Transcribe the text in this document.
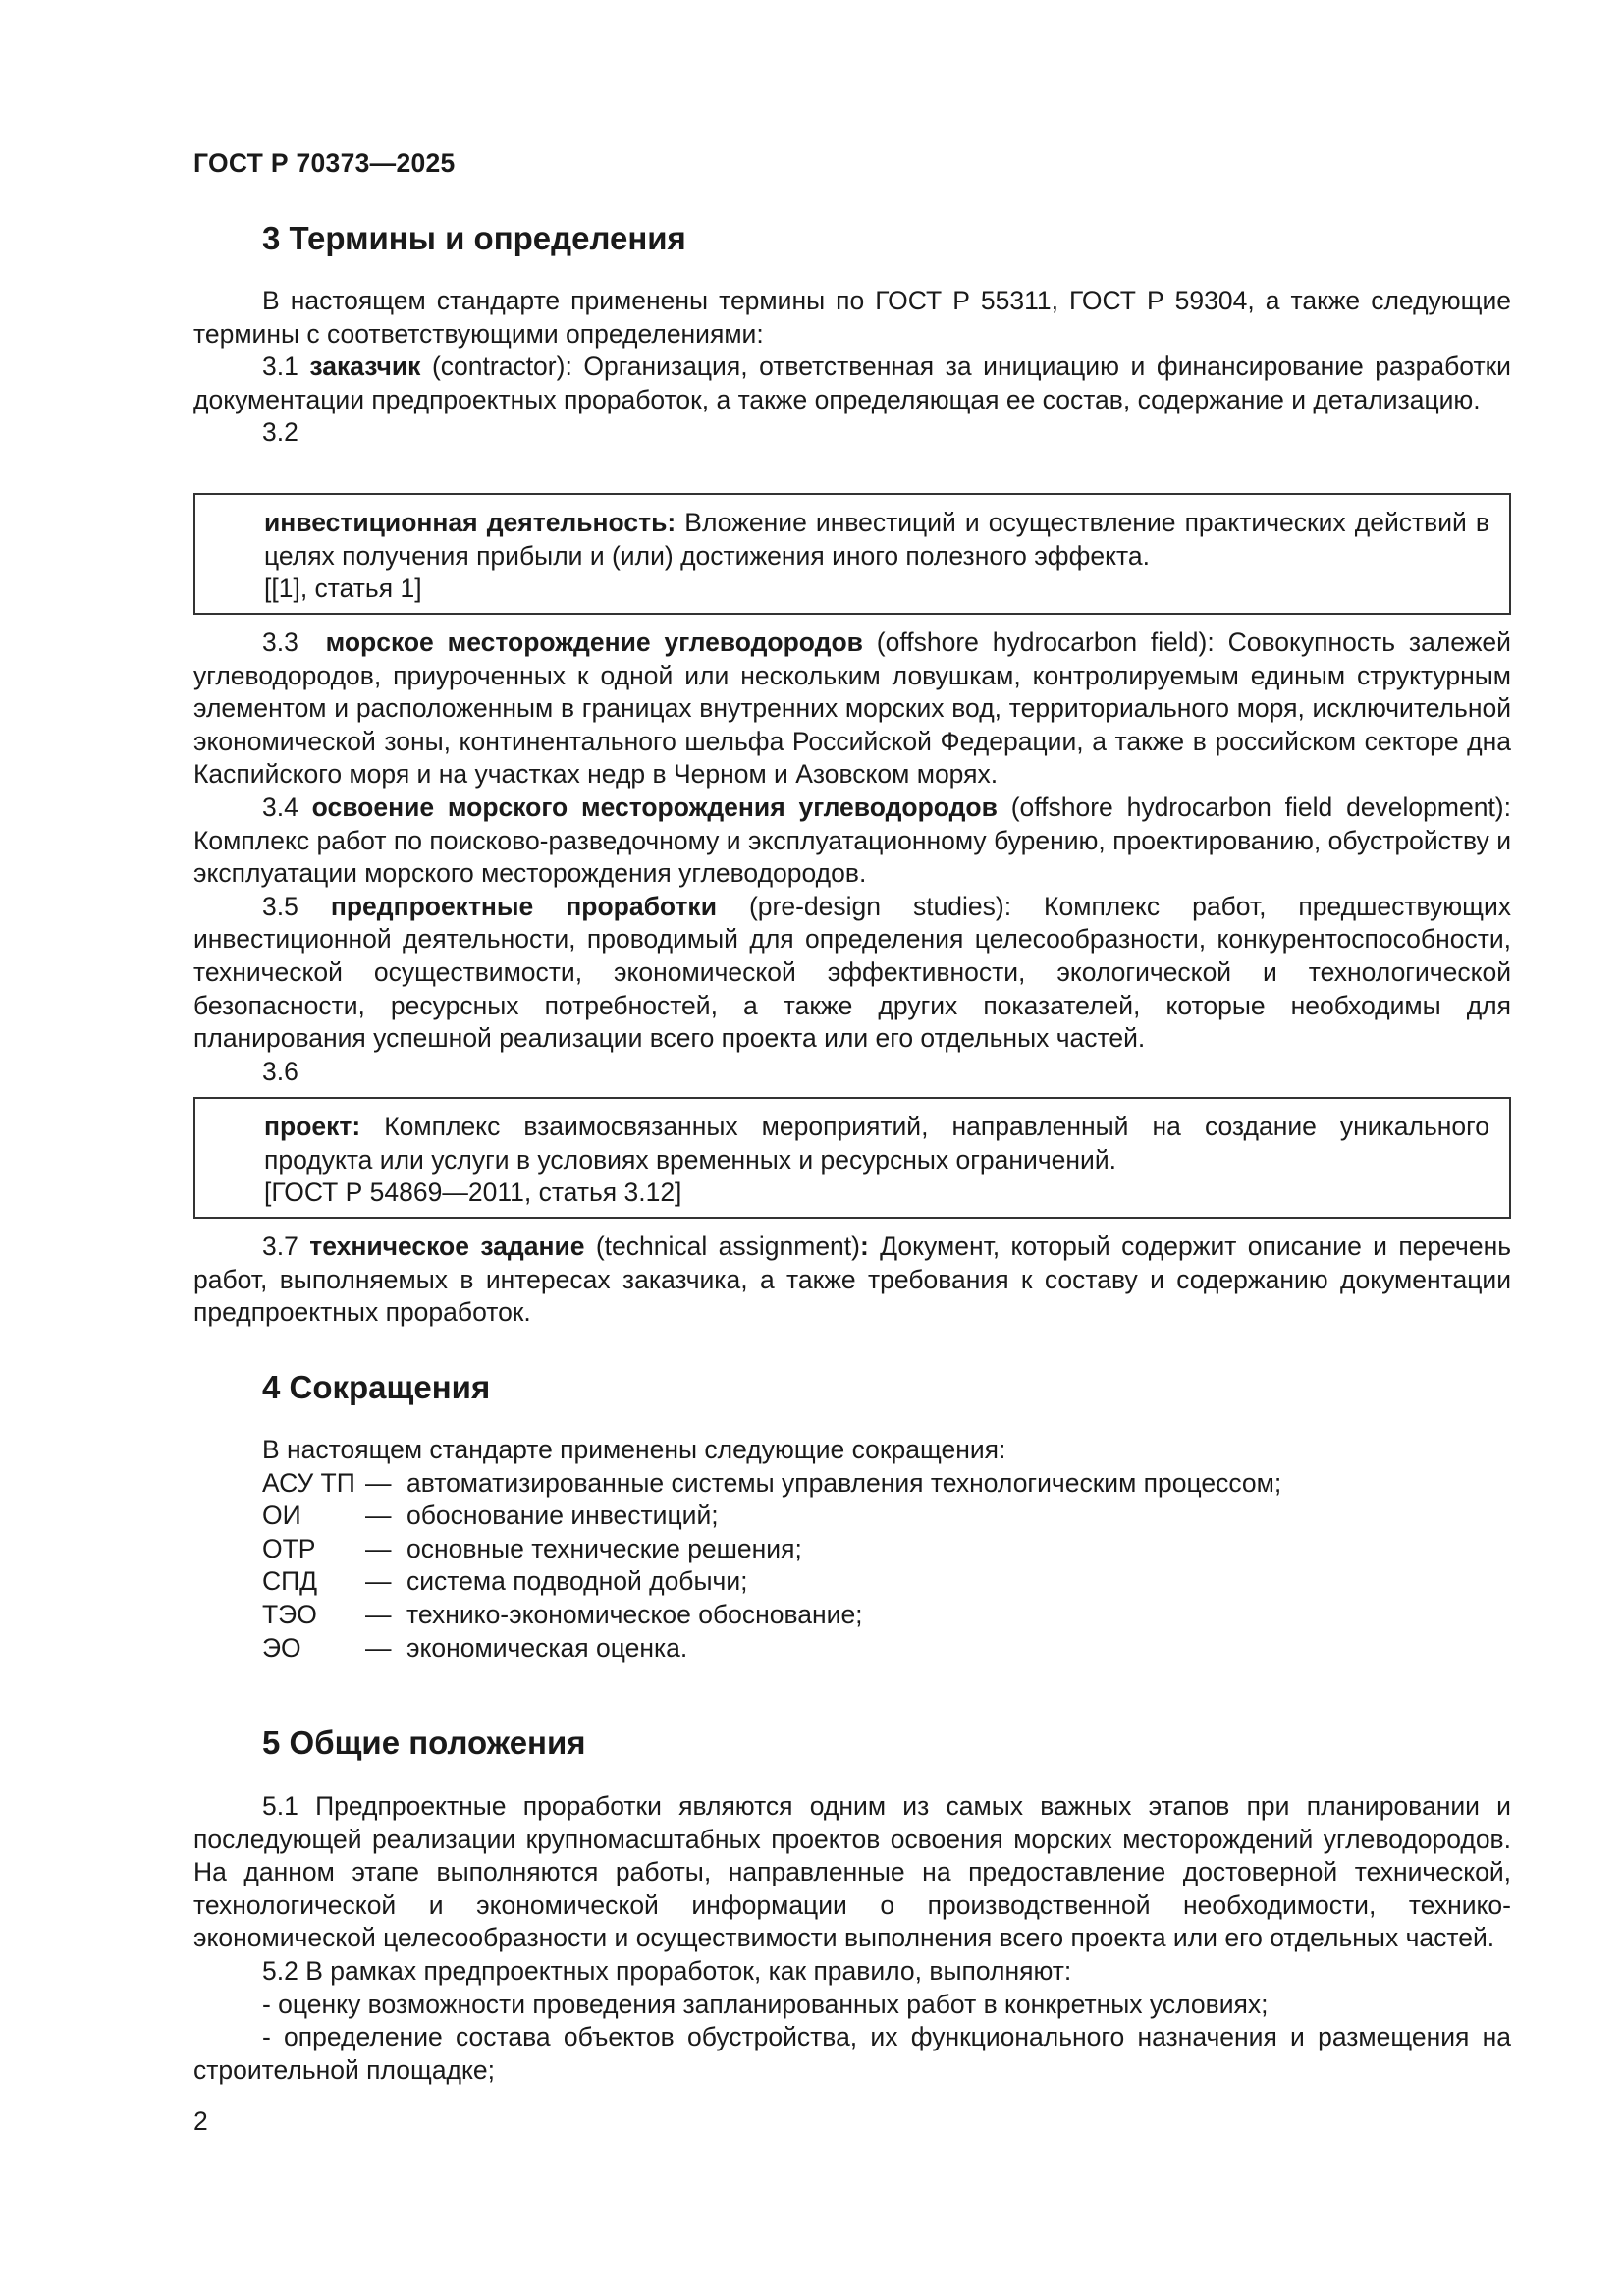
ГОСТ Р 70373—2025
3 Термины и определения

В настоящем стандарте применены термины по ГОСТ Р 55311, ГОСТ Р 59304, а также следующие термины с соответствующими определениями:

3.1 заказчик (contractor): Организация, ответственная за инициацию и финансирование разработки документации предпроектных проработок, а также определяющая ее состав, содержание и детализацию.

3.2

инвестиционная деятельность: Вложение инвестиций и осуществление практических действий в целях получения прибыли и (или) достижения иного полезного эффекта.

[[1], статья 1]

3.3 морское месторождение углеводородов (offshore hydrocarbon field): Совокупность залежей углеводородов, приуроченных к одной или нескольким ловушкам, контролируемым единым структурным элементом и расположенным в границах внутренних морских вод, территориального моря, исключительной экономической зоны, континентального шельфа Российской Федерации, а также в российском секторе дна Каспийского моря и на участках недр в Черном и Азовском морях.

3.4 освоение морского месторождения углеводородов (offshore hydrocarbon field development): Комплекс работ по поисково-разведочному и эксплуатационному бурению, проектированию, обустройству и эксплуатации морского месторождения углеводородов.

3.5 предпроектные проработки (pre-design studies): Комплекс работ, предшествующих инвестиционной деятельности, проводимый для определения целесообразности, конкурентоспособности, технической осуществимости, экономической эффективности, экологической и технологической безопасности, ресурсных потребностей, а также других показателей, которые необходимы для планирования успешной реализации всего проекта или его отдельных частей.

3.6

проект: Комплекс взаимосвязанных мероприятий, направленный на создание уникального продукта или услуги в условиях временных и ресурсных ограничений.

[ГОСТ Р 54869—2011, статья 3.12]

3.7 техническое задание (technical assignment): Документ, который содержит описание и перечень работ, выполняемых в интересах заказчика, а также требования к составу и содержанию документации предпроектных проработок.

4 Сокращения

В настоящем стандарте применены следующие сокращения:

АСУ ТП — автоматизированные системы управления технологическим процессом;
ОИ	— обоснование инвестиций;
ОТР	— основные технические решения;
СПД	— система подводной добычи;
ТЭО	— технико-экономическое обоснование;
ЭО	— экономическая оценка.
5 Общие положения

5.1 Предпроектные проработки являются одним из самых важных этапов при планировании и последующей реализации крупномасштабных проектов освоения морских месторождений углеводородов. На данном этапе выполняются работы, направленные на предоставление достоверной технической, технологической и экономической информации о производственной необходимости, технико-экономической целесообразности и осуществимости выполнения всего проекта или его отдельных частей.

5.2 В рамках предпроектных проработок, как правило, выполняют:

- оценку возможности проведения запланированных работ в конкретных условиях;

- определение состава объектов обустройства, их функционального назначения и размещения на строительной площадке;

2
